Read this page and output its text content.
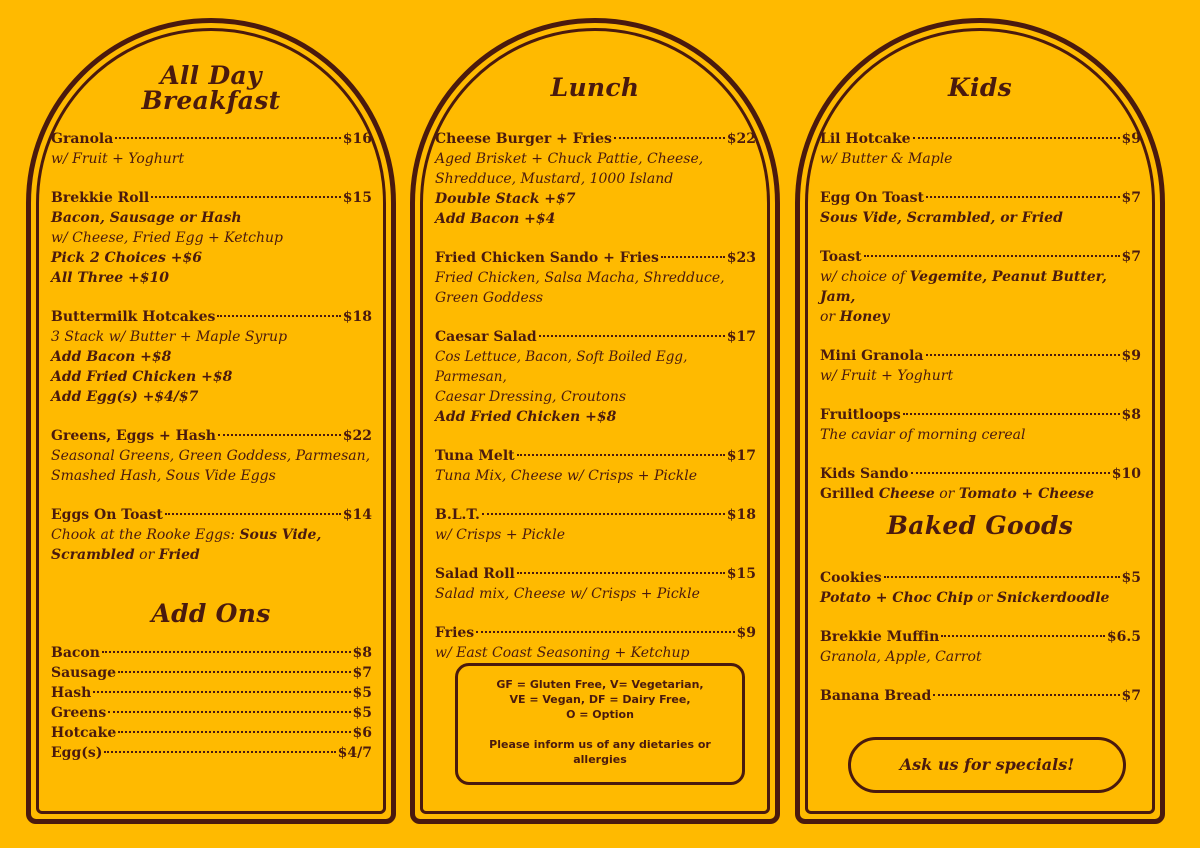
All Day
Breakfast
Granola	$16
w/ Fruit + Yoghurt
Brekkie Roll	$15
Bacon, Sausage or Hash
w/ Cheese, Fried Egg + Ketchup
Pick 2 Choices +$6
All Three +$10
Buttermilk Hotcakes	$18
3 Stack w/ Butter + Maple Syrup
Add Bacon +$8
Add Fried Chicken +$8
Add Egg(s) +$4/$7
Greens, Eggs + Hash	$22
Seasonal Greens, Green Goddess, Parmesan,
Smashed Hash, Sous Vide Eggs
Eggs On Toast	$14
Chook at the Rooke Eggs: Sous Vide,
Scrambled or Fried
Add Ons
Bacon	$8
Sausage	$7
Hash	$5
Greens	$5
Hotcake	$6
Egg(s)	$4/7
Lunch
Cheese Burger + Fries	$22
Aged Brisket + Chuck Pattie, Cheese,
Shredduce, Mustard, 1000 Island
Double Stack +$7
Add Bacon +$4
Fried Chicken Sando + Fries	$23
Fried Chicken, Salsa Macha, Shredduce,
Green Goddess
Caesar Salad	$17
Cos Lettuce, Bacon, Soft Boiled Egg, Parmesan,
Caesar Dressing, Croutons
Add Fried Chicken +$8
Tuna Melt	$17
Tuna Mix, Cheese w/ Crisps + Pickle
B.L.T.	$18
w/ Crisps + Pickle
Salad Roll	$15
Salad mix, Cheese w/ Crisps + Pickle
Fries	$9
w/ East Coast Seasoning + Ketchup

GF = Gluten Free, V= Vegetarian,

VE = Vegan, DF = Dairy Free,

O = Option

Please inform us of any dietaries or

allergies

Kids
Lil Hotcake	$9
w/ Butter & Maple
Egg On Toast	$7
Sous Vide, Scrambled, or Fried
Toast	$7
w/ choice of Vegemite, Peanut Butter, Jam,
or Honey
Mini Granola	$9
w/ Fruit + Yoghurt
Fruitloops	$8
The caviar of morning cereal
Kids Sando	$10
Grilled Cheese or Tomato + Cheese
Baked Goods
Cookies	$5
Potato + Choc Chip or Snickerdoodle
Brekkie Muffin	$6.5
Granola, Apple, Carrot
Banana Bread	$7
Ask us for specials!
